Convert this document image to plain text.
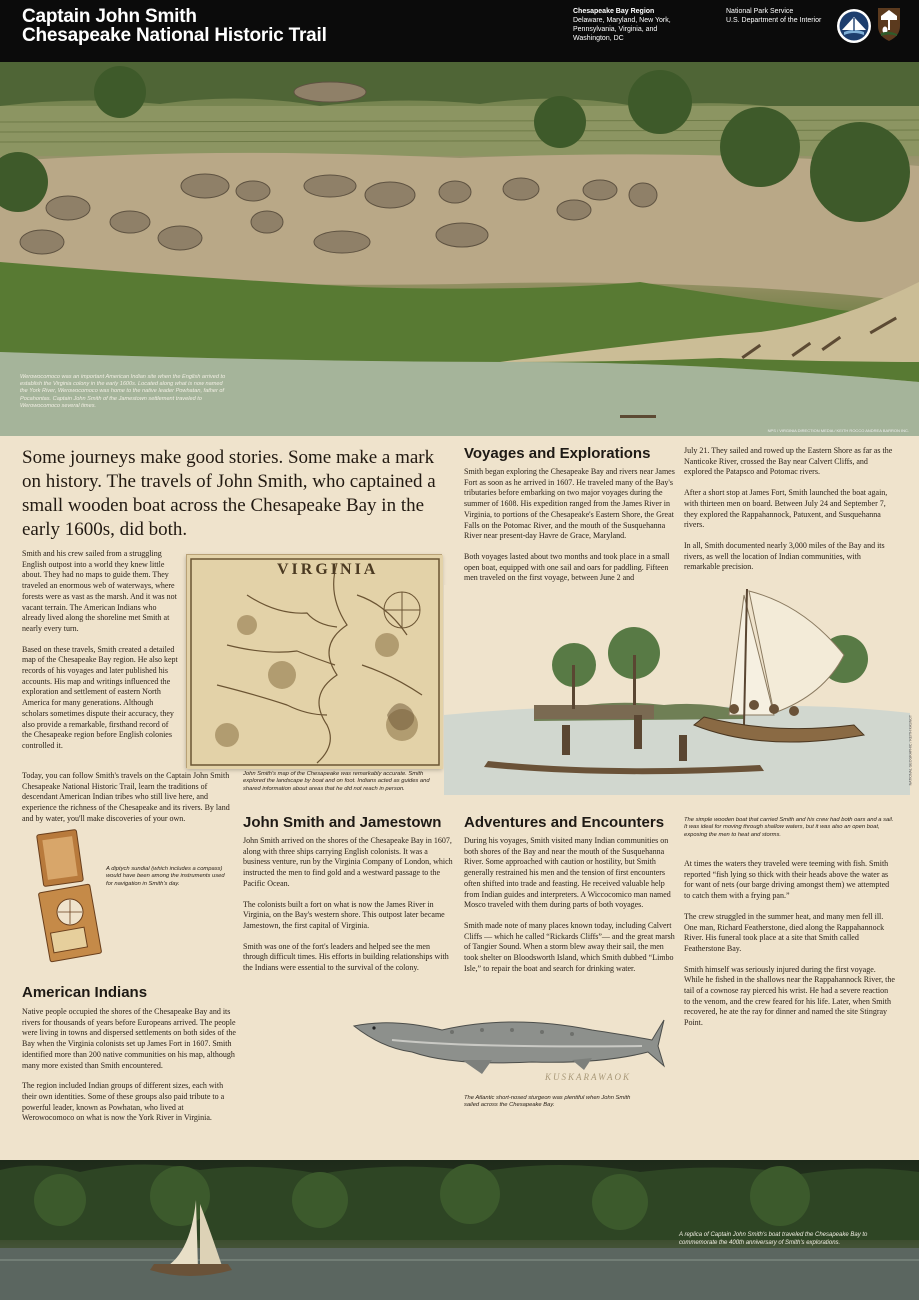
Captain John Smith
Chesapeake National Historic Trail
Chesapeake Bay Region
Delaware, Maryland, New York,
Pennsylvania, Virginia, and
Washington, DC
National Park Service
U.S. Department of the Interior
Werowocomoco was an important American Indian site when the English arrived to establish the Virginia colony in the early 1600s. Located along what is now named the York River, Werowocomoco was home to the native leader Powhatan, father of Pocahontas. Captain John Smith of the Jamestown settlement traveled to Werowocomoco several times.
NPS / VIRGINIA DIRECTION MEDIA / KEITH ROCCO ANDREA BARRON INC.
Some journeys make good stories. Some make a mark on history. The travels of John Smith, who captained a small wooden boat across the Chesapeake Bay in the early 1600s, did both.

Smith and his crew sailed from a struggling English outpost into a world they knew little about. They had no maps to guide them. They traveled an enormous web of waterways, where forests were as vast as the marsh. And it was not vacant terrain. The American Indians who already lived along the shoreline met Smith at nearly every turn.

Based on these travels, Smith created a detailed map of the Chesapeake Bay region. He also kept records of his voyages and later published his accounts. His map and writings influenced the exploration and settlement of eastern North America for many generations. Although scholars sometimes dispute their accuracy, they also provide a remarkable, firsthand record of the Chesapeake region before English colonies controlled it.

Today, you can follow Smith's travels on the Captain John Smith Chesapeake National Historic Trail, learn the traditions of descendant American Indian tribes who still live here, and experience the richness of the Chesapeake and its rivers. By land and by water, you'll make discoveries of your own.

VIRGINIA
John Smith's map of the Chesapeake was remarkably accurate. Smith explored the landscape by boat and on foot. Indians acted as guides and shared information about areas that he did not reach in person.
A diptych sundial (which includes a compass) would have been among the instruments used for navigation in Smith's day.
American Indians

Native people occupied the shores of the Chesapeake Bay and its rivers for thousands of years before Europeans arrived. The people were living in towns and dispersed settlements on both sides of the Bay when the Virginia colonists set up James Fort in 1607. Smith identified more than 200 native communities on his map, although many more existed than Smith encountered.

The region included Indian groups of different sizes, each with their own identities. Some of these groups also paid tribute to a powerful leader, known as Powhatan, who lived at Werowocomoco on what is now the York River in Virginia.

John Smith and Jamestown

John Smith arrived on the shores of the Chesapeake Bay in 1607, along with three ships carrying English colonists. It was a business venture, run by the Virginia Company of London, which instructed the men to find gold and a westward passage to the Pacific Ocean.

The colonists built a fort on what is now the James River in Virginia, on the Bay's western shore. This outpost later became Jamestown, the first capital of Virginia.

Smith was one of the fort's leaders and helped see the men through difficult times. His efforts in building relationships with the Indians were essential to the survival of the colony.

Voyages and Explorations

Smith began exploring the Chesapeake Bay and rivers near James Fort as soon as he arrived in 1607. He traveled many of the Bay's tributaries before embarking on two major voyages during the summer of 1608. His expedition ranged from the James River in Virginia, to portions of the Chesapeake's Eastern Shore, the Great Falls on the Potomac River, and the mouth of the Susquehanna River near present-day Havre de Grace, Maryland.

Both voyages lasted about two months and took place in a small open boat, equipped with one sail and oars for paddling. Fifteen men traveled on the first voyage, between June 2 and

July 21. They sailed and rowed up the Eastern Shore as far as the Nanticoke River, crossed the Bay near Calvert Cliffs, and explored the Patapsco and Potomac rivers.

After a short stop at James Fort, Smith launched the boat again, with thirteen men on board. Between July 24 and September 7, they explored the Rappahannock, Patuxent, and Susquehanna rivers.

In all, Smith documented nearly 3,000 miles of the Bay and its rivers, as well the location of Indian communities, with remarkable precision.

NATIONAL GEOGRAPHIC / KEITH KASNOT
The simple wooden boat that carried Smith and his crew had both oars and a sail. It was ideal for moving through shallow waters, but it was also an open boat, exposing the men to heat and storms.
Adventures and Encounters

During his voyages, Smith visited many Indian communities on both shores of the Bay and near the mouth of the Susquehanna River. Some approached with caution or hostility, but Smith generally restrained his men and the tension of first encounters often shifted into trade and feasting. He received valuable help from Indian guides and interpreters. A Wiccocomico man named Mosco traveled with them during parts of both voyages.

Smith made note of many places known today, including Calvert Cliffs — which he called “Rickards Cliffs”— and the great marsh of Tangier Sound. When a storm blew away their sail, the men took shelter on Bloodsworth Island, which Smith dubbed “Limbo Isle,” to repair the boat and search for drinking water.

At times the waters they traveled were teeming with fish. Smith reported “fish lying so thick with their heads above the water as for want of nets (our barge driving amongst them) we attempted to catch them with a frying pan.”

The crew struggled in the summer heat, and many men fell ill. One man, Richard Featherstone, died along the Rappahannock River. His funeral took place at a site that Smith called Featherstone Bay.

Smith himself was seriously injured during the first voyage. While he fished in the shallows near the Rappahannock River, the tail of a cownose ray pierced his wrist. He had a severe reaction to the venom, and the crew feared for his life. Later, when Smith recovered, he ate the ray for dinner and named the site Stingray Point.

KUSKARAWAOK
The Atlantic short-nosed sturgeon was plentiful when John Smith sailed across the Chesapeake Bay.
A replica of Captain John Smith's boat traveled the Chesapeake Bay to commemorate the 400th anniversary of Smith's explorations.
